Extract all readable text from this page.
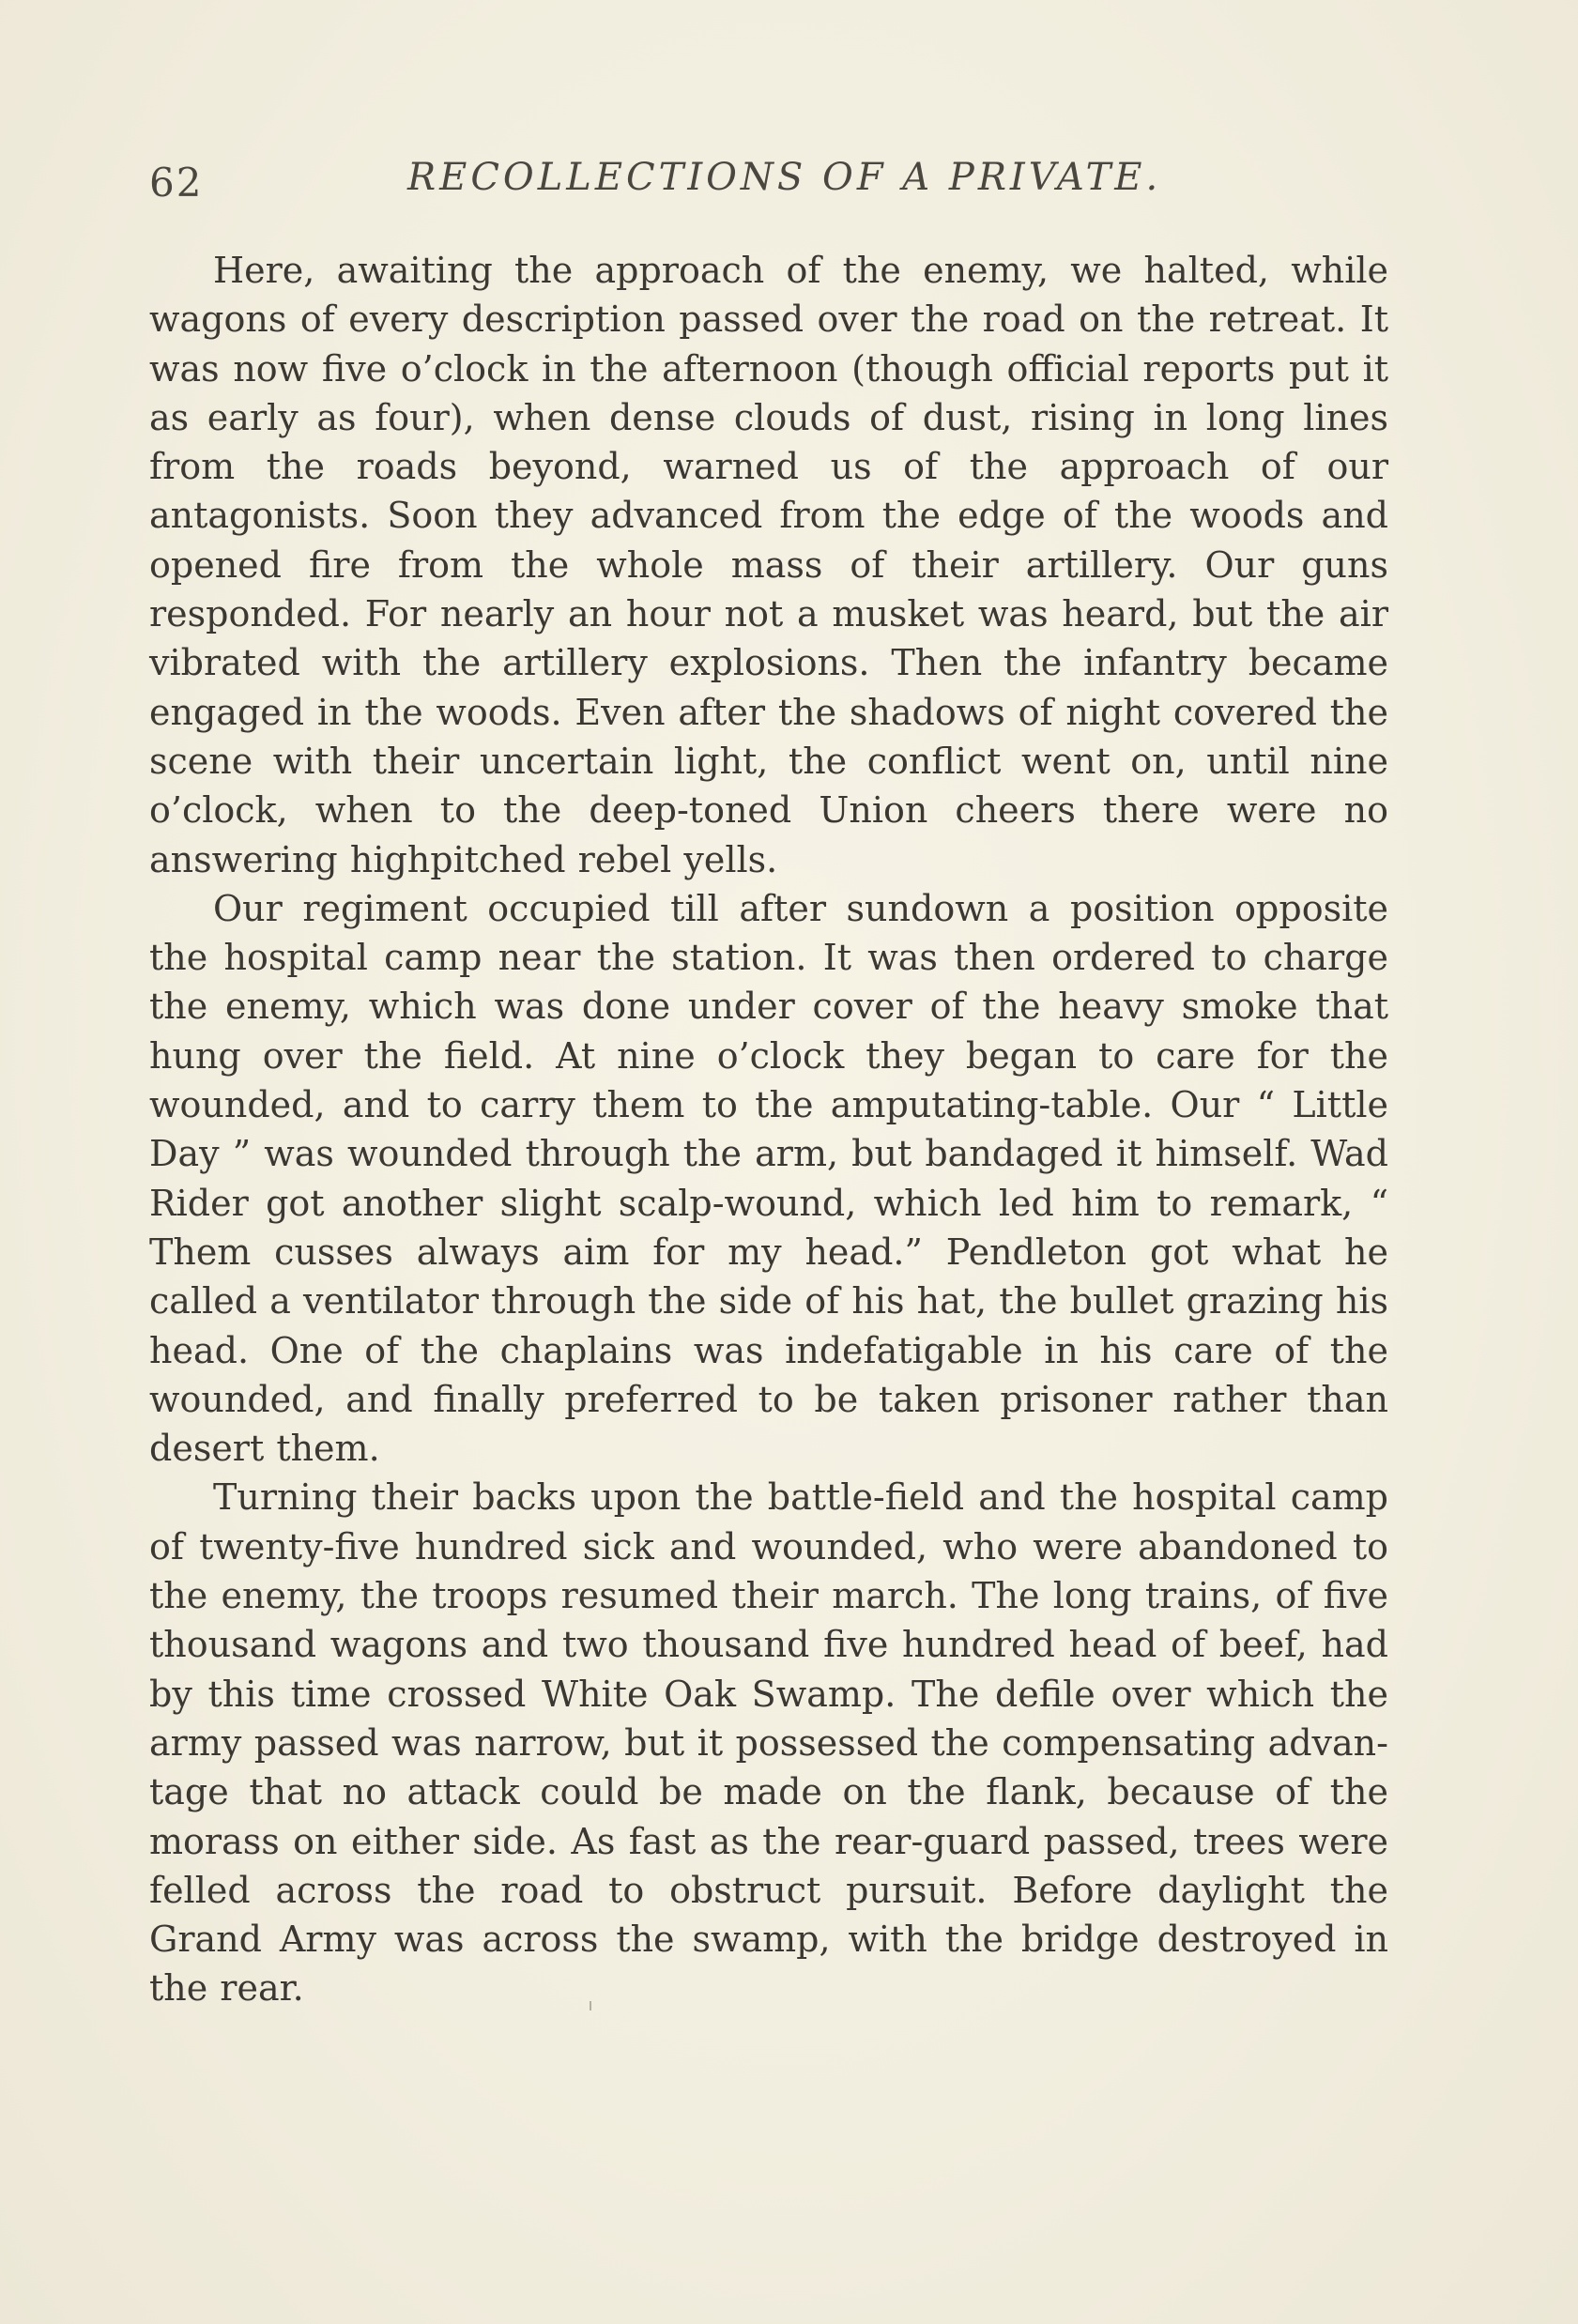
62	RECOLLECTIONS OF A PRIVATE.

Here, awaiting the approach of the enemy, we halted, while wagons of every description passed over the road on the retreat. It was now five o’clock in the afternoon (though official reports put it as early as four), when dense clouds of dust, rising in long lines from the roads beyond, warned us of the approach of our antagonists. Soon they advanced from the edge of the woods and opened fire from the whole mass of their artillery. Our guns responded. For nearly an hour not a musket was heard, but the air vibrated with the artillery explosions. Then the infantry became engaged in the woods. Even after the shadows of night covered the scene with their uncertain light, the conflict went on, until nine o’clock, when to the deep-toned Union cheers there were no answering highpitched rebel yells.

Our regiment occupied till after sundown a position opposite the hospital camp near the station. It was then ordered to charge the enemy, which was done under cover of the heavy smoke that hung over the field. At nine o’clock they began to care for the wounded, and to carry them to the amputating-table. Our “ Little Day ” was wounded through the arm, but bandaged it himself. Wad Rider got another slight scalp-wound, which led him to remark, “ Them cusses always aim for my head.” Pendleton got what he called a ventilator through the side of his hat, the bullet grazing his head. One of the chaplains was indefatigable in his care of the wounded, and finally preferred to be taken prisoner rather than desert them.

Turning their backs upon the battle-field and the hospital camp of twenty-five hundred sick and wounded, who were abandoned to the enemy, the troops resumed their march. The long trains, of five thousand wagons and two thousand five hundred head of beef, had by this time crossed White Oak Swamp. The defile over which the army passed was narrow, but it possessed the compensating advantage that no attack could be made on the flank, because of the morass on either side. As fast as the rear-guard passed, trees were felled across the road to obstruct pursuit. Before daylight the Grand Army was across the swamp, with the bridge destroyed in the rear.
